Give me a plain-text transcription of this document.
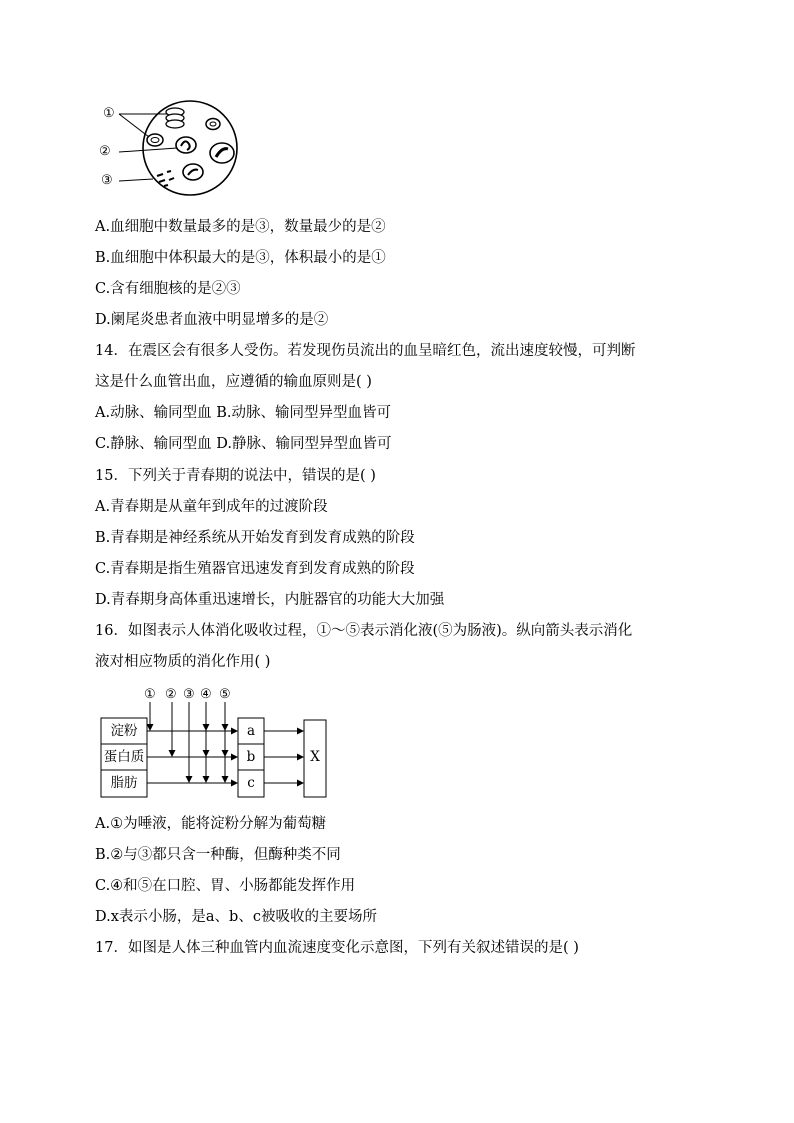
①
②
③
A.血细胞中数量最多的是③，数量最少的是②
B.血细胞中体积最大的是③，体积最小的是①
C.含有细胞核的是②③
D.阑尾炎患者血液中明显增多的是②
14．在震区会有很多人受伤。若发现伤员流出的血呈暗红色，流出速度较慢，可判断
这是什么血管出血，应遵循的输血原则是( )
A.动脉、输同型血 B.动脉、输同型异型血皆可
C.静脉、输同型血 D.静脉、输同型异型血皆可
15．下列关于青春期的说法中，错误的是( )
A.青春期是从童年到成年的过渡阶段
B.青春期是神经系统从开始发育到发育成熟的阶段
C.青春期是指生殖器官迅速发育到发育成熟的阶段
D.青春期身高体重迅速增长，内脏器官的功能大大加强
16．如图表示人体消化吸收过程，①～⑤表示消化液(⑤为肠液)。纵向箭头表示消化
液对相应物质的消化作用( )
① ② ③ ④ ⑤
淀粉
蛋白质
脂肪
a
b
c
X
A.①为唾液，能将淀粉分解为葡萄糖
B.②与③都只含一种酶，但酶种类不同
C.④和⑤在口腔、胃、小肠都能发挥作用
D.x表示小肠，是a、b、c被吸收的主要场所
17．如图是人体三种血管内血流速度变化示意图，下列有关叙述错误的是( )
